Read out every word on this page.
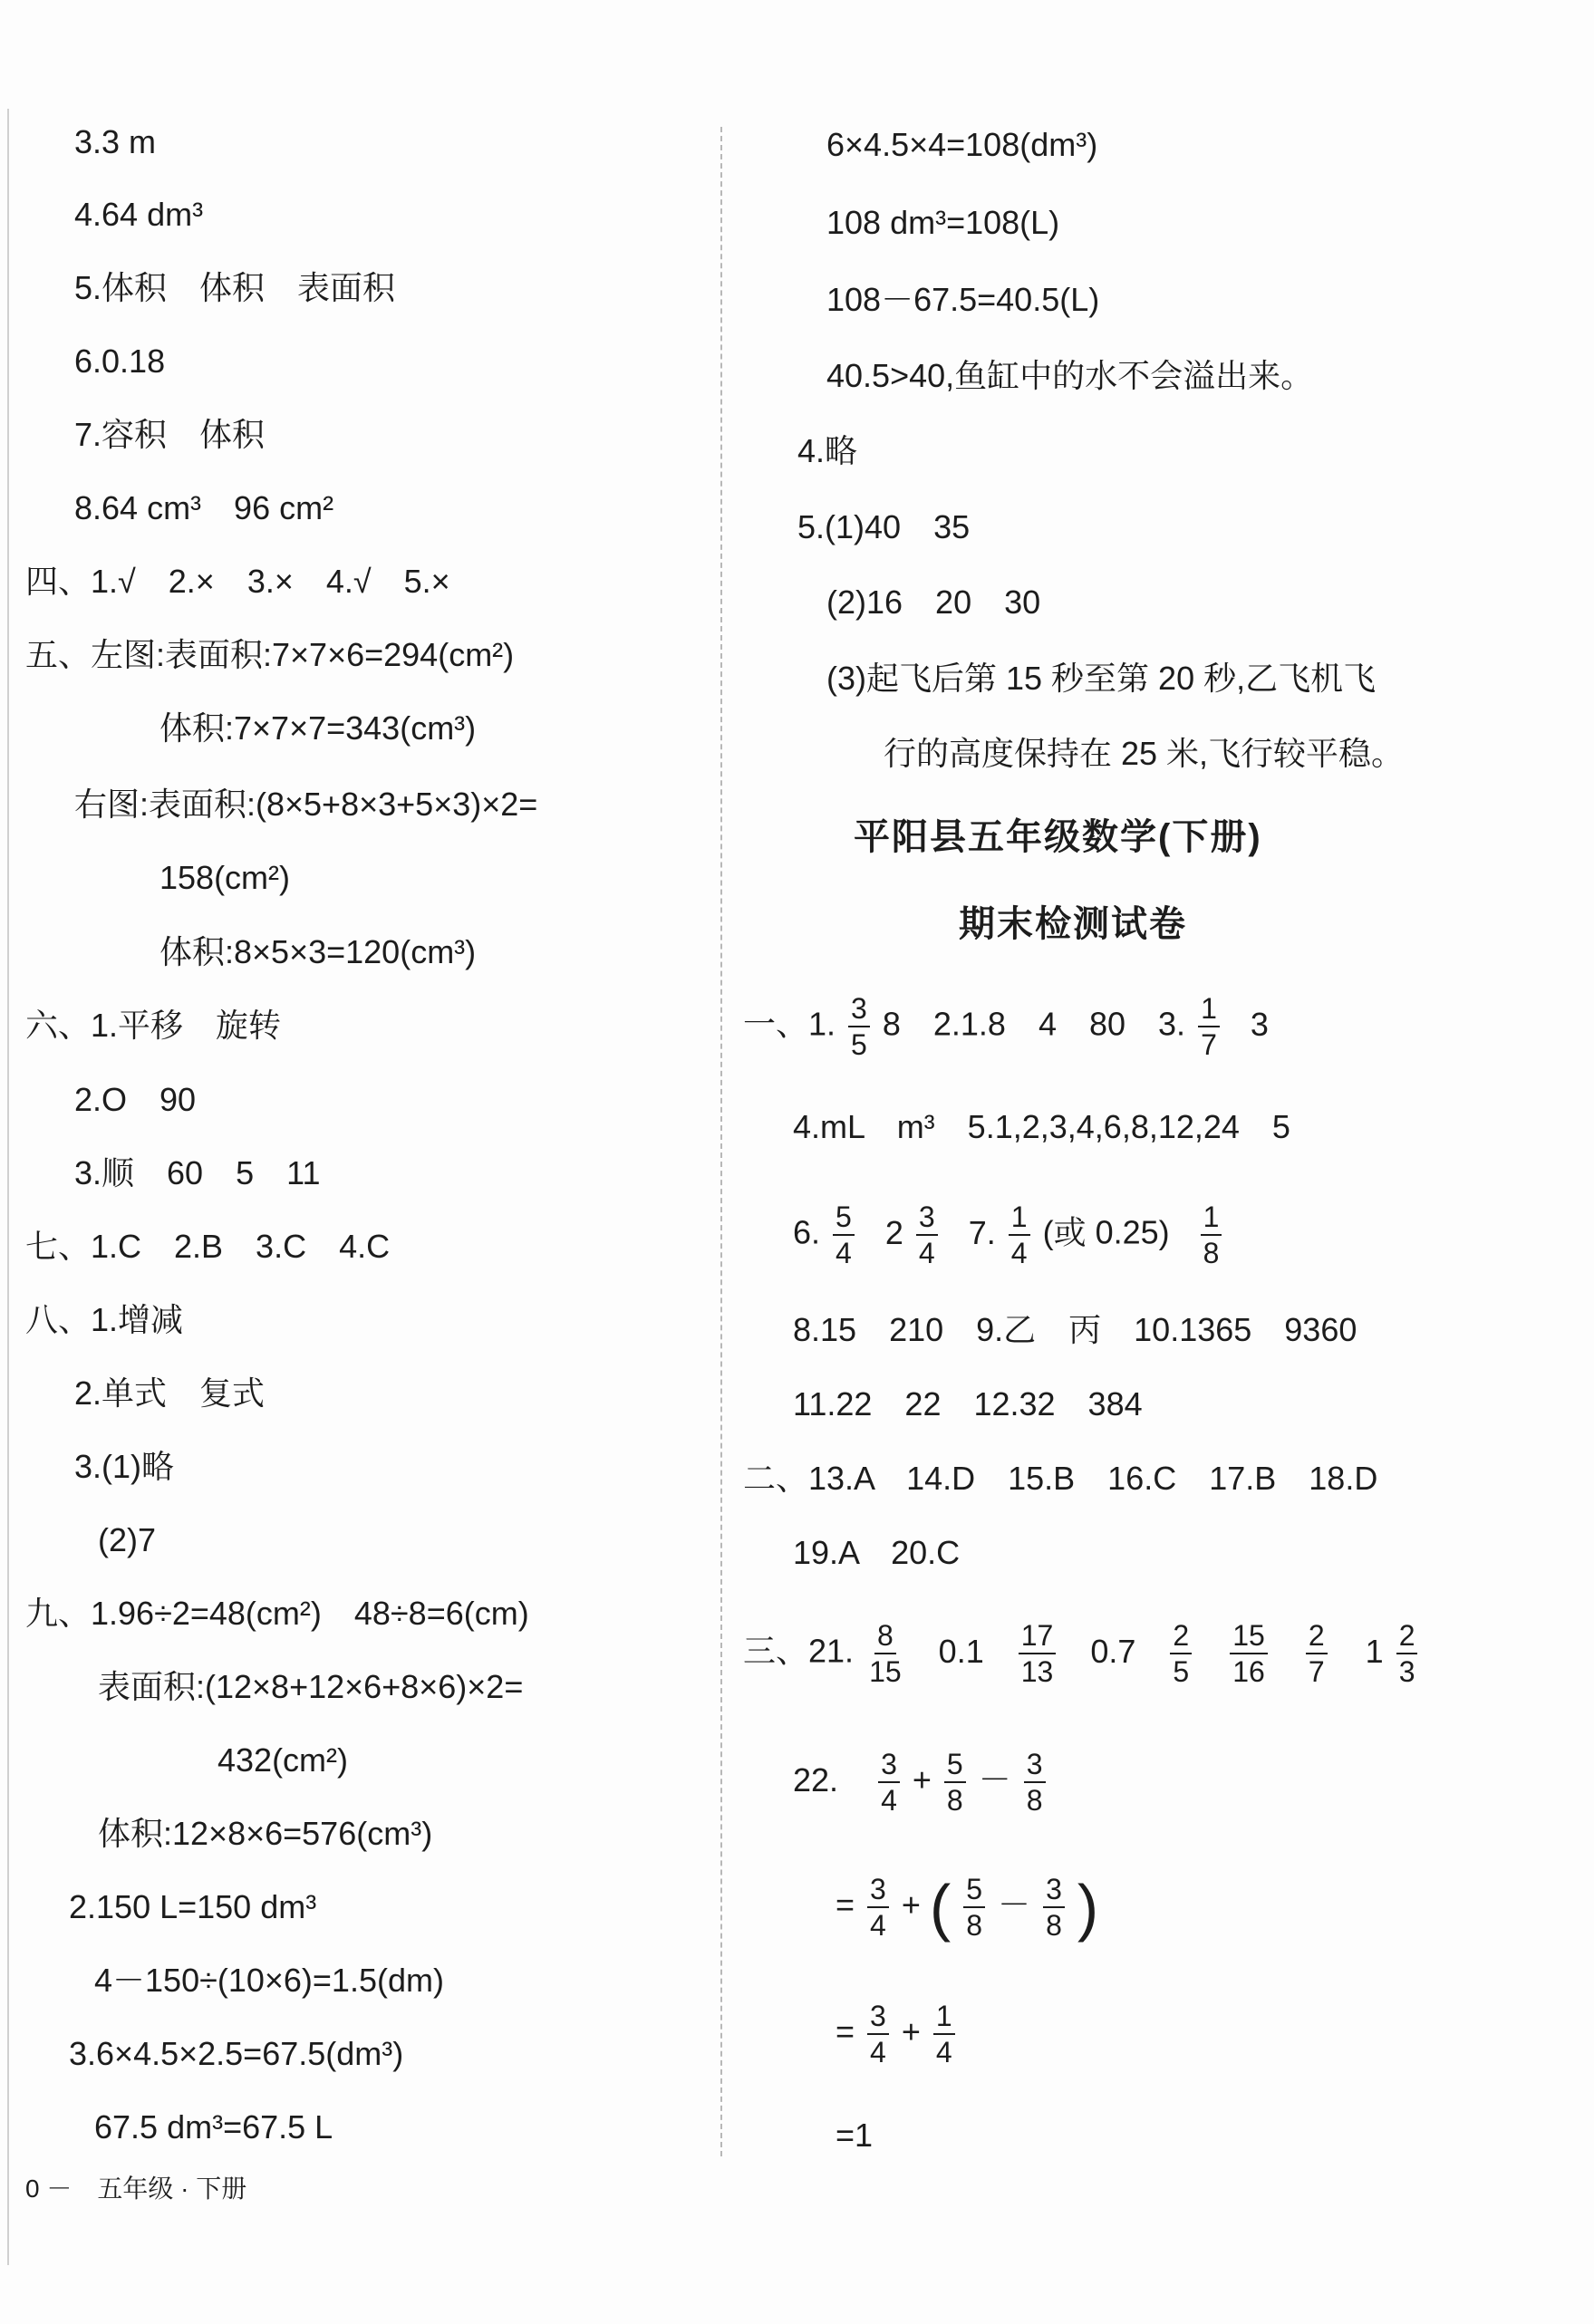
3.3 m
4.64 dm³
5.体积　体积　表面积
6.0.18
7.容积　体积
8.64 cm³　96 cm²
四、1.√　2.×　3.×　4.√　5.×
五、左图:表面积:7×7×6=294(cm²)
体积:7×7×7=343(cm³)
右图:表面积:(8×5+8×3+5×3)×2=
158(cm²)
体积:8×5×3=120(cm³)
六、1.平移　旋转
2.O　90
3.顺　60　5　11
七、1.C　2.B　3.C　4.C
八、1.增减
2.单式　复式
3.(1)略
(2)7
九、1.96÷2=48(cm²)　48÷8=6(cm)
表面积:(12×8+12×6+8×6)×2=
432(cm²)
体积:12×8×6=576(cm³)
2.150 L=150 dm³
4－150÷(10×6)=1.5(dm)
3.6×4.5×2.5=67.5(dm³)
67.5 dm³=67.5 L
6×4.5×4=108(dm³)
108 dm³=108(L)
108－67.5=40.5(L)
40.5>40,鱼缸中的水不会溢出来。
4.略
5.(1)40　35
(2)16　20　30
(3)起飞后第 15 秒至第 20 秒,乙飞机飞
行的高度保持在 25 米,飞行较平稳。
平阳县五年级数学(下册)
期末检测试卷
一、1. $\frac{3}{5} 8$　2.1.8　4　80　3. $\frac{1}{7} 3$
4.mL　m³　5.1,2,3,4,6,8,12,24　5
6. $\frac{5}{4} 2 \frac{3}{4} 7$. $\frac{1}{4}$ (或 $0.25) \frac{1}{8}$
8.15　210　9.乙　丙　10.1365　9360
11.22　22　12.32　384
二、13.A　14.D　15.B　16.C　17.B　18.D
19.A　20.C
三、21. $\frac{8}{15} 0.1 \frac{17}{13} 0.7 \frac{2}{5}$
$\frac{15}{16}$
$\frac{2}{7} 1 \frac{2}{3}$
22. $\frac{3}{4} + \frac{5}{8} - \frac{3}{8}$
= $\frac{3}{4}$ + ( $\frac{5}{8} - \frac{3}{8}$ )
= $\frac{3}{4} + \frac{1}{4}$
=1
0 －　五年级 · 下册
